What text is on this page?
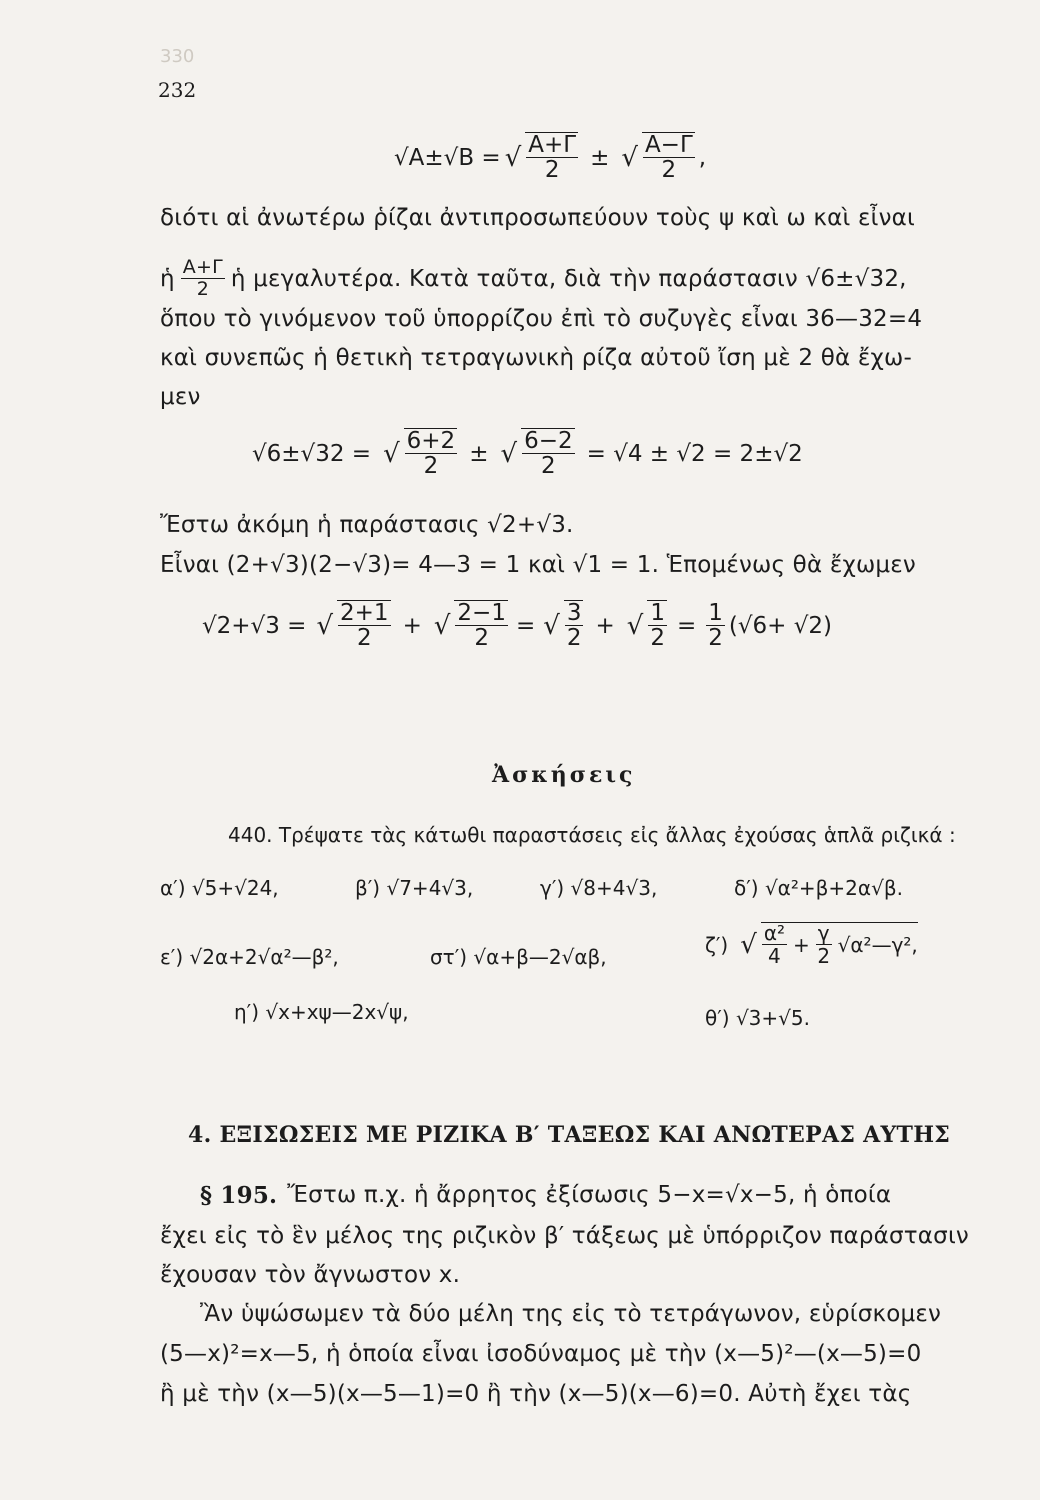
330
232
√A±√B = √ $\frac{A+\Gamma}{2}$ ± √ $\frac{A-\Gamma}{2}$ ,
διότι αἱ ἀνωτέρω ῥίζαι ἀντιπροσωπεύουν τοὺς ψ καὶ ω καὶ εἶναι
ἡ $\frac{A+\Gamma}{2}$ ἡ μεγαλυτέρα. Κατὰ ταῦτα, διὰ τὴν παράστασιν √6±√32,
ὅπου τὸ γινόμενον τοῦ ὑπορρίζου ἐπὶ τὸ συζυγὲς εἶναι 36—32=4
καὶ συνεπῶς ἡ θετικὴ τετραγωνικὴ ρίζα αὐτοῦ ἴση μὲ 2 θὰ ἔχω-
μεν
√6±√32 = √ $\frac{6+2}{2}$ ± √ $\frac{6-2}{2} = √4 \pm √2 = 2\pm√2$
Ἔστω ἀκόμη ἡ παράστασις √2+√3.
Εἶναι (2+√3)(2−√3)= 4—3 = 1 καὶ √1 = 1. Ἑπομένως θὰ ἔχωμεν
√2+√3 = √ $\frac{2+1}{2}$ + √ $\frac{2-1}{2}$ = √ $\frac{3}{2}$ + √ $\frac{1}{2} = \frac{1}{2} (√6+ √2)$
Ἀσκήσεις
440. Τρέψατε τὰς κάτωθι παραστάσεις εἰς ἄλλας ἐχούσας ἁπλᾶ ριζικά :
α′) √5+√24,	β′) √7+4√3,	γ′) √8+4√3,	δ′) √α²+β+2α√β.
ε′) √2α+2√α²—β²,	στ′) √α+β—2√αβ,
ζ′) √ $\frac{\text{α²}}{4} + \frac{\gamma}{2}$ √α²—γ²,
η′) √x+xψ—2x√ψ,	θ′) √3+√5.
4. ΕΞΙΣΩΣΕΙΣ ΜΕ ΡΙΖΙΚΑ Β′ ΤΑΞΕΩΣ ΚΑΙ ΑΝΩΤΕΡΑΣ ΑΥΤΗΣ
§ 195. Ἔστω π.χ. ἡ ἄρρητος ἐξίσωσις 5−x=√x−5, ἡ ὁποία
ἔχει εἰς τὸ ἓν μέλος της ριζικὸν β′ τάξεως μὲ ὑπόρριζον παράστασιν
ἔχουσαν τὸν ἄγνωστον x.
Ἂν ὑψώσωμεν τὰ δύο μέλη της εἰς τὸ τετράγωνον, εὑρίσκομεν
(5—x)²=x—5, ἡ ὁποία εἶναι ἰσοδύναμος μὲ τὴν (x—5)²—(x—5)=0
ἢ μὲ τὴν (x—5)(x—5—1)=0 ἢ τὴν (x—5)(x—6)=0. Αὐτὴ ἔχει τὰς
